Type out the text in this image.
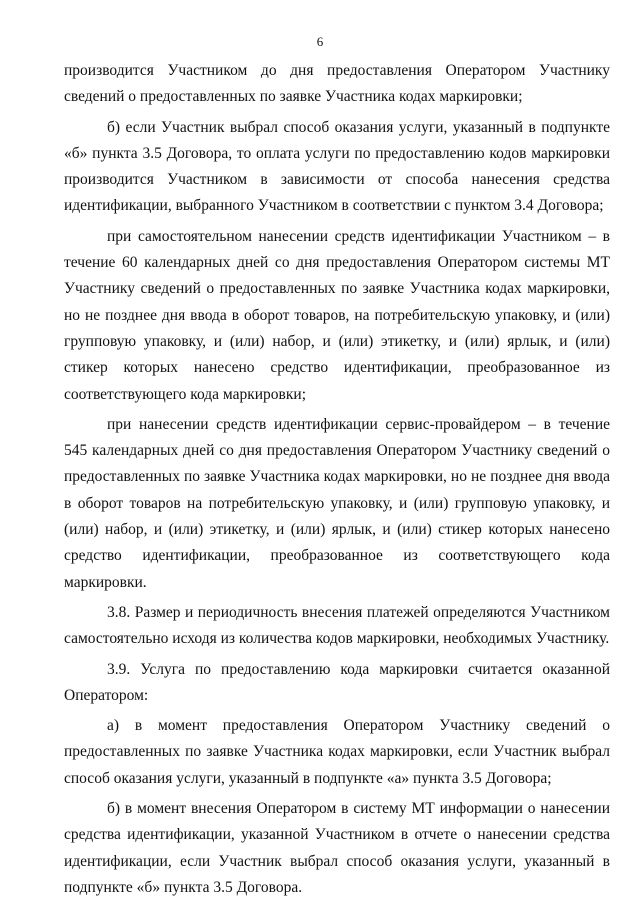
6

производится Участником до дня предоставления Оператором Участнику сведений о предоставленных по заявке Участника кодах маркировки;

б) если Участник выбрал способ оказания услуги, указанный в подпункте «б» пункта 3.5 Договора, то оплата услуги по предоставлению кодов маркировки производится Участником в зависимости от способа нанесения средства идентификации, выбранного Участником в соответствии с пунктом 3.4 Договора;

при самостоятельном нанесении средств идентификации Участником – в течение 60 календарных дней со дня предоставления Оператором системы МТ Участнику сведений о предоставленных по заявке Участника кодах маркировки, но не позднее дня ввода в оборот товаров, на потребительскую упаковку, и (или) групповую упаковку, и (или) набор, и (или) этикетку, и (или) ярлык, и (или) стикер которых нанесено средство идентификации, преобразованное из соответствующего кода маркировки;

при нанесении средств идентификации сервис-провайдером – в течение 545 календарных дней со дня предоставления Оператором Участнику сведений о предоставленных по заявке Участника кодах маркировки, но не позднее дня ввода в оборот товаров на потребительскую упаковку, и (или) групповую упаковку, и (или) набор, и (или) этикетку, и (или) ярлык, и (или) стикер которых нанесено средство идентификации, преобразованное из соответствующего кода маркировки.

3.8. Размер и периодичность внесения платежей определяются Участником самостоятельно исходя из количества кодов маркировки, необходимых Участнику.

3.9. Услуга по предоставлению кода маркировки считается оказанной Оператором:

а) в момент предоставления Оператором Участнику сведений о предоставленных по заявке Участника кодах маркировки, если Участник выбрал способ оказания услуги, указанный в подпункте «а» пункта 3.5 Договора;

б) в момент внесения Оператором в систему МТ информации о нанесении средства идентификации, указанной Участником в отчете о нанесении средства идентификации, если Участник выбрал способ оказания услуги, указанный в подпункте «б» пункта 3.5 Договора.
